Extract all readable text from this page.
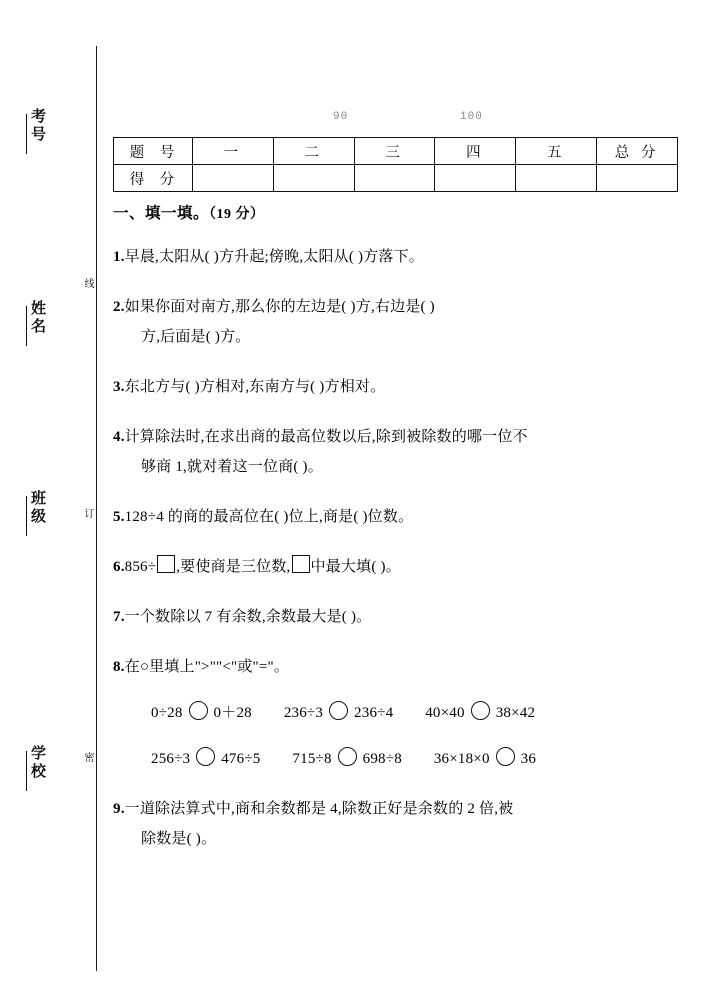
考号
姓名
班级
学校
线
订
密
90	100
题 号	一	二	三	四	五	总 分
得 分						
一、填一填。（19 分）
1.早晨,太阳从( )方升起;傍晚,太阳从( )方落下。
2.如果你面对南方,那么你的左边是( )方,右边是( )
方,后面是( )方。
3.东北方与( )方相对,东南方与( )方相对。
4.计算除法时,在求出商的最高位数以后,除到被除数的哪一位不
够商 1,就对着这一位商( )。
5.128÷4 的商的最高位在( )位上,商是( )位数。
6.856÷ ,要使商是三位数, 中最大填( )。
7.一个数除以 7 有余数,余数最大是( )。
8.在○里填上">""<"或"="。
0÷28 0＋28 236÷3 236÷4 40×40 38×42
256÷3 476÷5 715÷8 698÷8 36×18×0 36
9.一道除法算式中,商和余数都是 4,除数正好是余数的 2 倍,被
除数是( )。
